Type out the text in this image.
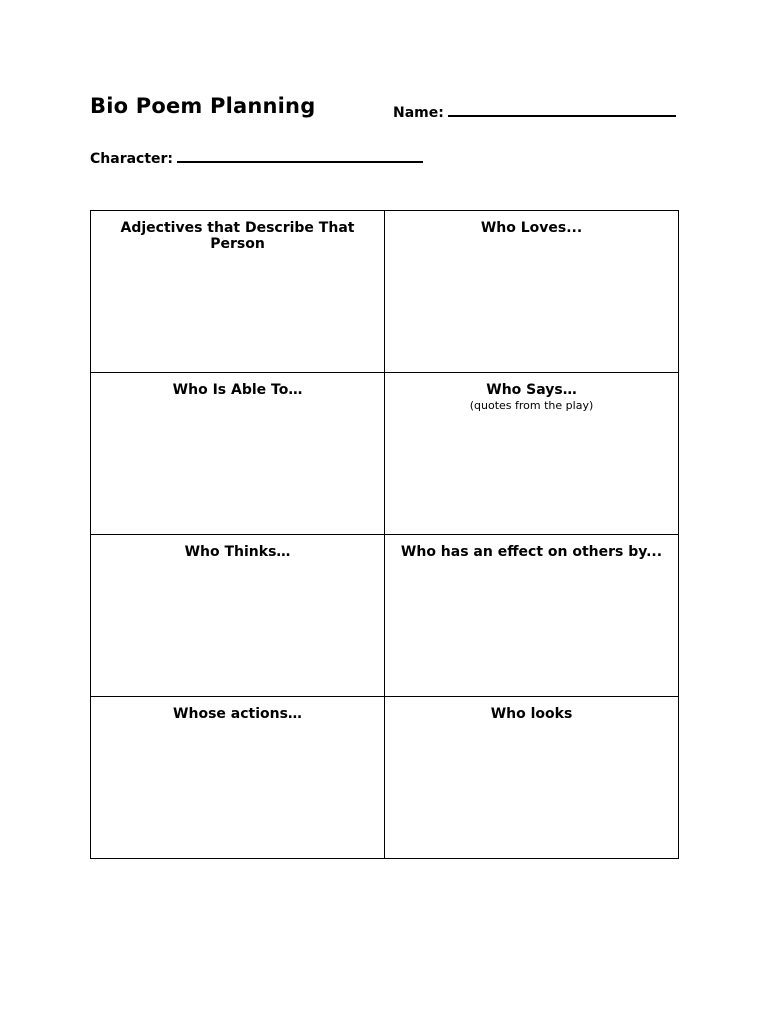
Bio Poem Planning	Name:
Character:
Adjectives that Describe That Person	Who Loves...

Who Is Able To…	Who Says…
(quotes from the play)

Who Thinks…	Who has an effect on others by...

Whose actions…	Who looks
